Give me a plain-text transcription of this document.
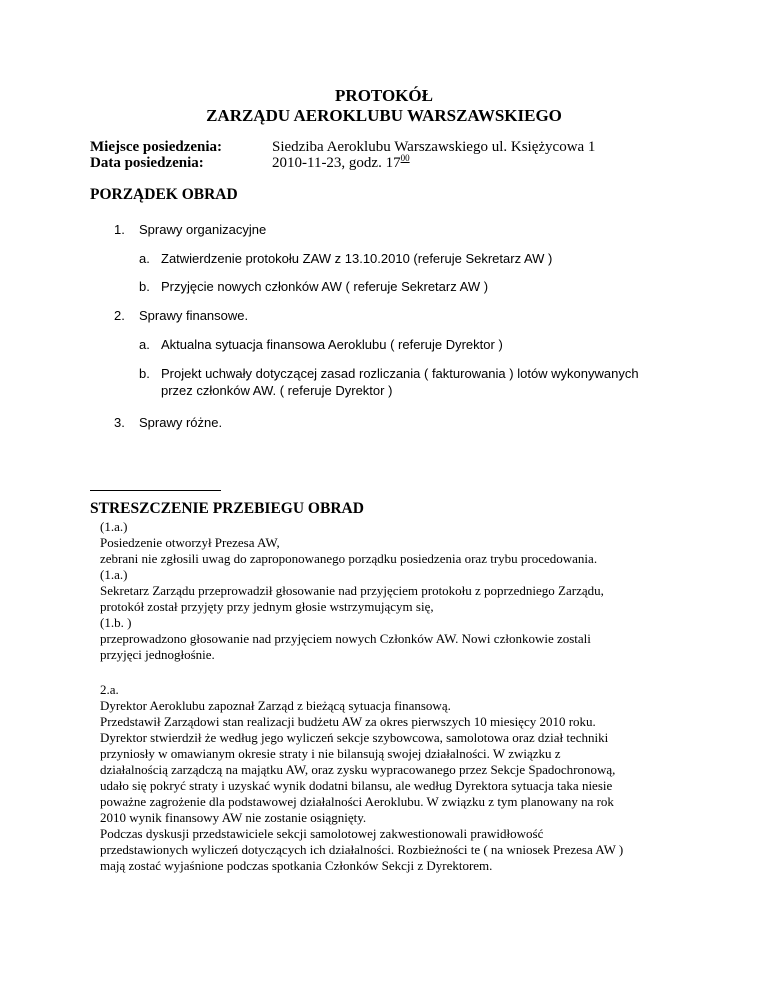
PROTOKÓŁ
ZARZĄDU AEROKLUBU WARSZAWSKIEGO
Miejsce posiedzenia:	Siedziba Aeroklubu Warszawskiego ul. Księżycowa 1
Data posiedzenia:	2010-11-23, godz. $17^{00}$
PORZĄDEK OBRAD
1. Sprawy organizacyjne
a. Zatwierdzenie protokołu ZAW z 13.10.2010 (referuje Sekretarz AW )
b. Przyjęcie nowych członków AW ( referuje Sekretarz AW )
2. Sprawy finansowe.
a. Aktualna sytuacja finansowa Aeroklubu ( referuje Dyrektor )
b. Projekt uchwały dotyczącej zasad rozliczania ( fakturowania ) lotów wykonywanych
przez członków AW. ( referuje Dyrektor )
3. Sprawy różne.
STRESZCZENIE PRZEBIEGU OBRAD
(1.a.)
Posiedzenie otworzył Prezesa AW,
zebrani nie zgłosili uwag do zaproponowanego porządku posiedzenia oraz trybu procedowania.
(1.a.)
Sekretarz Zarządu przeprowadził głosowanie nad przyjęciem protokołu z poprzedniego Zarządu,
protokół został przyjęty przy jednym głosie wstrzymującym się,
(1.b. )
przeprowadzono głosowanie nad przyjęciem nowych Członków AW. Nowi członkowie zostali
przyjęci jednogłośnie.
2.a.
Dyrektor Aeroklubu zapoznał Zarząd z bieżącą sytuacja finansową.
Przedstawił Zarządowi stan realizacji budżetu AW za okres pierwszych 10 miesięcy 2010 roku.
Dyrektor stwierdził że według jego wyliczeń sekcje szybowcowa, samolotowa oraz dział techniki
przyniosły w omawianym okresie straty i nie bilansują swojej działalności. W związku z
działalnością zarządczą na majątku AW, oraz zysku wypracowanego przez Sekcje Spadochronową,
udało się pokryć straty i uzyskać wynik dodatni bilansu, ale według Dyrektora sytuacja taka niesie
poważne zagrożenie dla podstawowej działalności Aeroklubu. W związku z tym planowany na rok
2010 wynik finansowy AW nie zostanie osiągnięty.
Podczas dyskusji przedstawiciele sekcji samolotowej zakwestionowali prawidłowość
przedstawionych wyliczeń dotyczących ich działalności. Rozbieżności te ( na wniosek Prezesa AW )
mają zostać wyjaśnione podczas spotkania Członków Sekcji z Dyrektorem.
